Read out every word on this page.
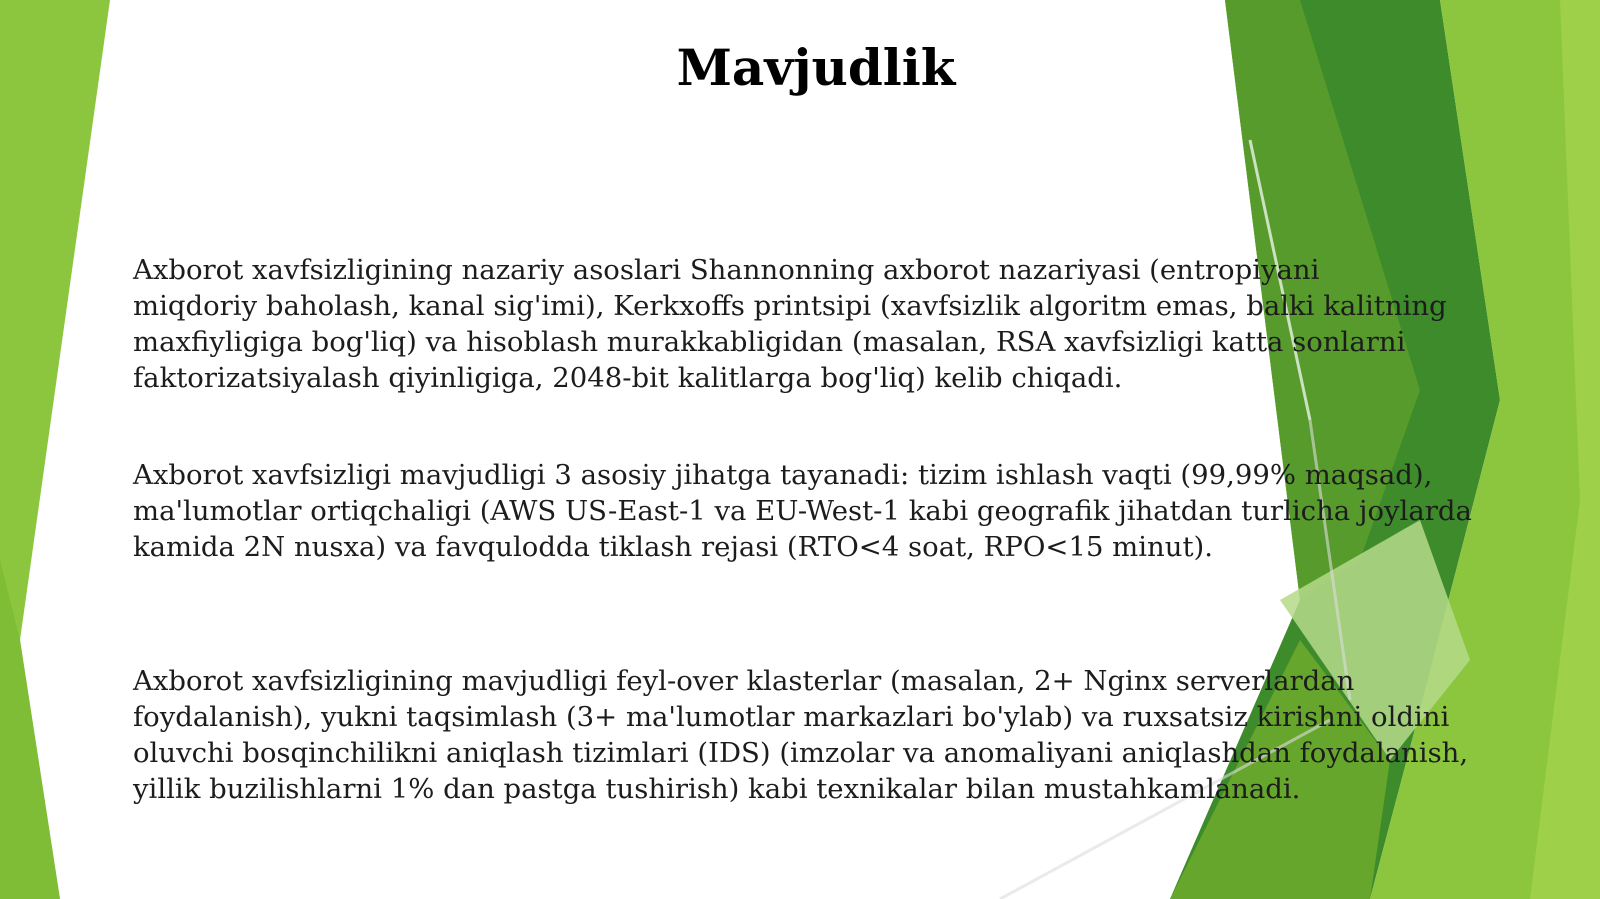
Mavjudlik

Axborot xavfsizligining nazariy asoslari Shannonning axborot nazariyasi (entropiyani
miqdoriy baholash, kanal sig'imi), Kerkxoffs printsipi (xavfsizlik algoritm emas, balki kalitning
maxfiyligiga bog'liq) va hisoblash murakkabligidan (masalan, RSA xavfsizligi katta sonlarni
faktorizatsiyalash qiyinligiga, 2048-bit kalitlarga bog'liq) kelib chiqadi.

Axborot xavfsizligi mavjudligi 3 asosiy jihatga tayanadi: tizim ishlash vaqti (99,99% maqsad),
ma'lumotlar ortiqchaligi (AWS US-East-1 va EU-West-1 kabi geografik jihatdan turlicha joylarda
kamida 2N nusxa) va favqulodda tiklash rejasi (RTO<4 soat, RPO<15 minut).

Axborot xavfsizligining mavjudligi feyl-over klasterlar (masalan, 2+ Nginx serverlardan
foydalanish), yukni taqsimlash (3+ ma'lumotlar markazlari bo'ylab) va ruxsatsiz kirishni oldini
oluvchi bosqinchilikni aniqlash tizimlari (IDS) (imzolar va anomaliyani aniqlashdan foydalanish,
yillik buzilishlarni 1% dan pastga tushirish) kabi texnikalar bilan mustahkamlanadi.
